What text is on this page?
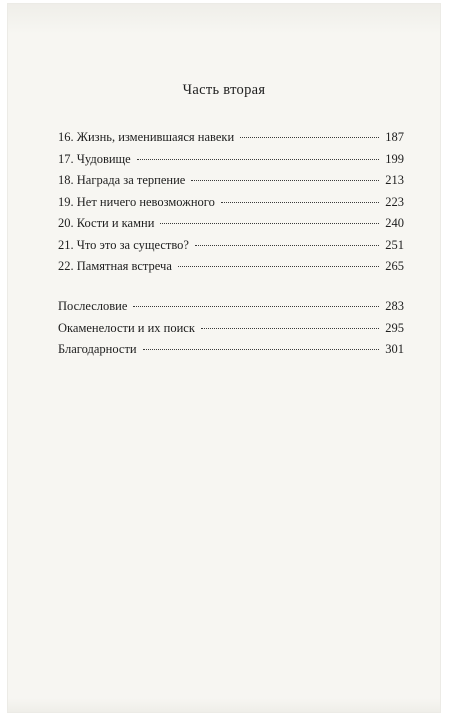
Часть вторая
16. Жизнь, изменившаяся навеки	187
17. Чудовище	199
18. Награда за терпение	213
19. Нет ничего невозможного	223
20. Кости и камни	240
21. Что это за существо?	251
22. Памятная встреча	265
Послесловие	283
Окаменелости и их поиск	295
Благодарности	301
